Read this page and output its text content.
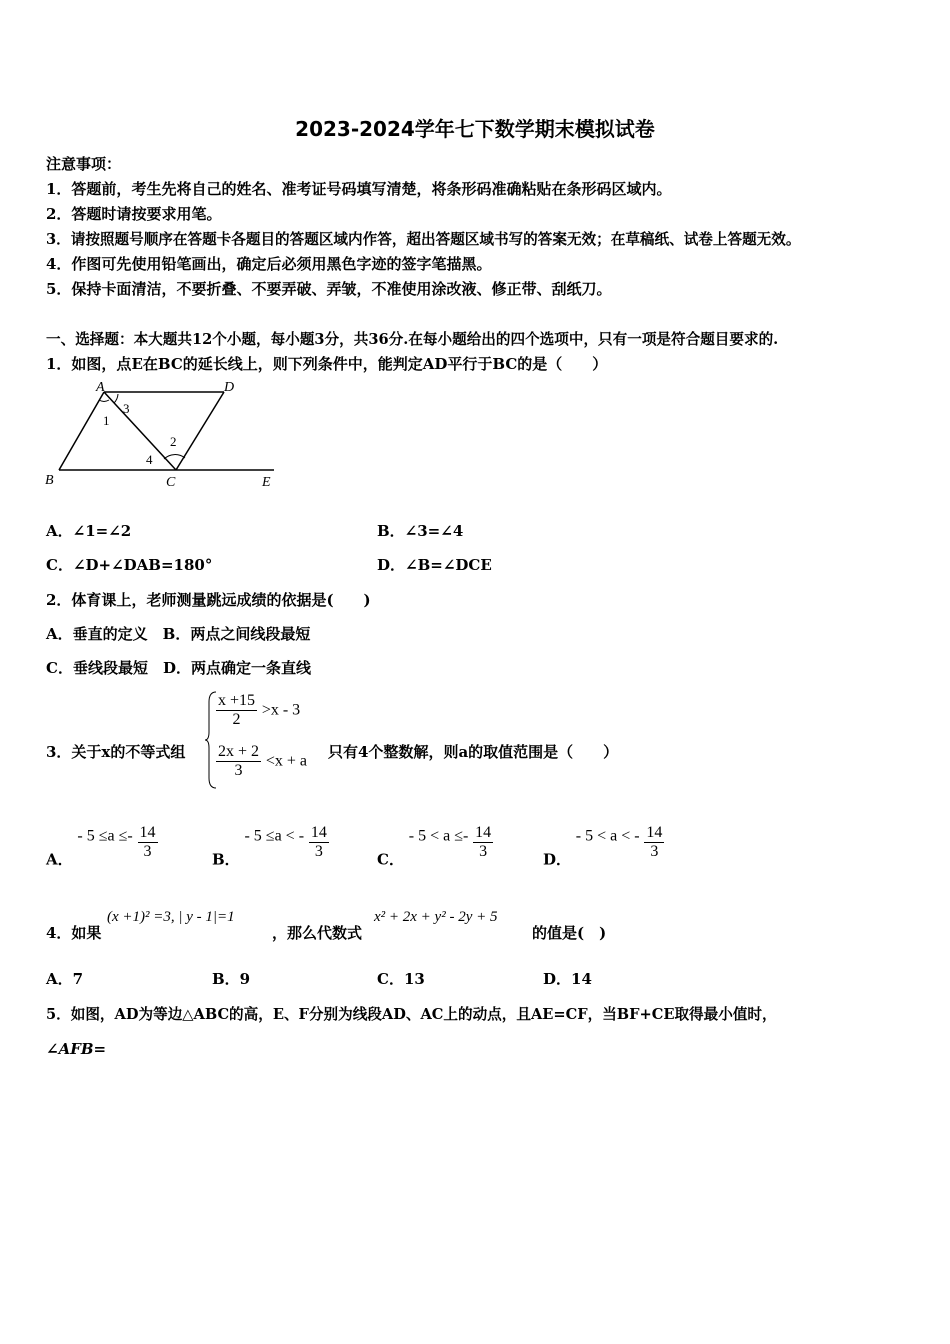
2023-2024学年七下数学期末模拟试卷
注意事项：
1．答题前，考生先将自己的姓名、准考证号码填写清楚，将条形码准确粘贴在条形码区域内。
2．答题时请按要求用笔。
3．请按照题号顺序在答题卡各题目的答题区域内作答，超出答题区域书写的答案无效；在草稿纸、试卷上答题无效。
4．作图可先使用铅笔画出，确定后必须用黑色字迹的签字笔描黑。
5．保持卡面清洁，不要折叠、不要弄破、弄皱，不准使用涂改液、修正带、刮纸刀。
一、选择题：本大题共12个小题，每小题3分，共36分.在每小题给出的四个选项中，只有一项是符合题目要求的.
1．如图，点E在BC的延长线上，则下列条件中，能判定AD平行于BC的是（　　）
A	D
B	C	E
1
2
3
4
A．∠1=∠2	B．∠3=∠4
C．∠D+∠DAB=180°	D．∠B=∠DCE
2．体育课上，老师测量跳远成绩的依据是(　　)
A．垂直的定义　B．两点之间线段最短
C．垂线段最短　D．两点确定一条直线
3．关于x的不等式组
$\frac{x +15}{2} >x - 3$
$\frac{2x + 2}{3} <x + a$ 只有4个整数解，则a的取值范围是（　　）
A． - $5 \le a \le- \frac{14}{3}$	B． - 5 ≤a < - $\frac{14}{3}$	C． - $5 < a \le- \frac{14}{3}$	D． - 5 < a < - $\frac{14}{3}$
4．如果
(x +1)² =3, | y - 1|=1
，那么代数式
x² + 2x + y² - 2y + 5
的值是(　)
A．7	B．9	C．13	D．14
5．如图，AD为等边△ABC的高，E、F分别为线段AD、AC上的动点，且AE=CF，当BF+CE取得最小值时，
∠AFB=
